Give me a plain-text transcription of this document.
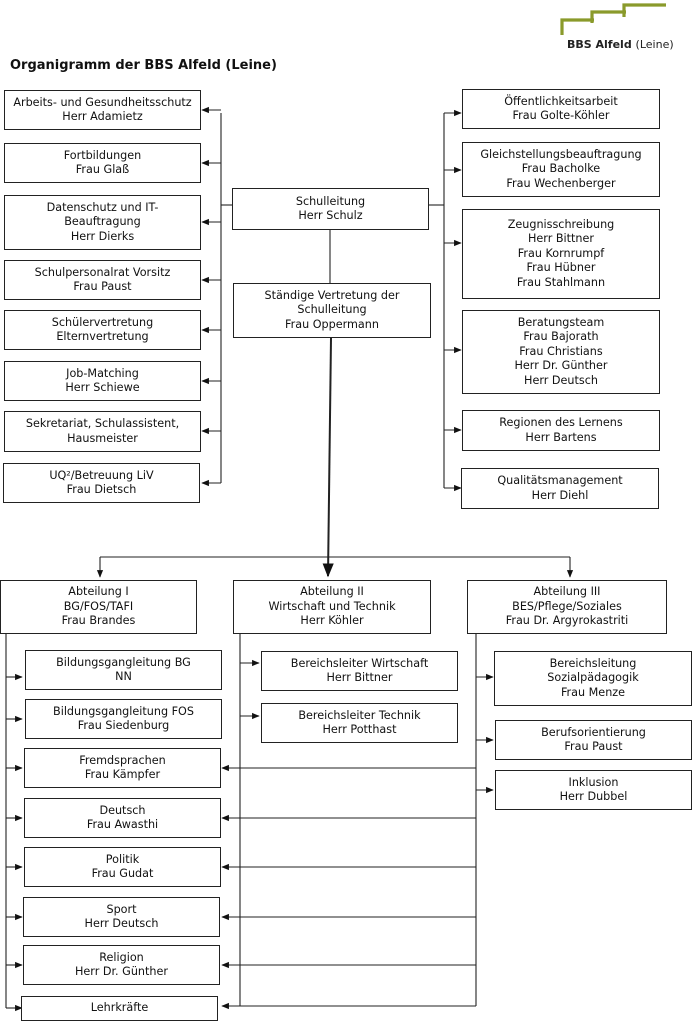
BBS Alfeld (Leine)
Organigramm der BBS Alfeld (Leine)
Schulleitung
Herr Schulz
Ständige Vertretung der
Schulleitung
Frau Oppermann
Arbeits- und Gesundheitsschutz
Herr Adamietz
Fortbildungen
Frau Glaß
Datenschutz und IT-
Beauftragung
Herr Dierks
Schulpersonalrat Vorsitz
Frau Paust
Schülervertretung
Elternvertretung
Job-Matching
Herr Schiewe
Sekretariat, Schulassistent,
Hausmeister
UQ²/Betreuung LiV
Frau Dietsch
Öffentlichkeitsarbeit
Frau Golte-Köhler
Gleichstellungsbeauftragung
Frau Bacholke
Frau Wechenberger
Zeugnisschreibung
Herr Bittner
Frau Kornrumpf
Frau Hübner
Frau Stahlmann
Beratungsteam
Frau Bajorath
Frau Christians
Herr Dr. Günther
Herr Deutsch
Regionen des Lernens
Herr Bartens
Qualitätsmanagement
Herr Diehl
Abteilung I
BG/FOS/TAFI
Frau Brandes
Abteilung II
Wirtschaft und Technik
Herr Köhler
Abteilung III
BES/Pflege/Soziales
Frau Dr. Argyrokastriti
Bildungsgangleitung BG
NN
Bildungsgangleitung FOS
Frau Siedenburg
Fremdsprachen
Frau Kämpfer
Deutsch
Frau Awasthi
Politik
Frau Gudat
Sport
Herr Deutsch
Religion
Herr Dr. Günther
Lehrkräfte
Bereichsleiter Wirtschaft
Herr Bittner
Bereichsleiter Technik
Herr Potthast
Bereichsleitung
Sozialpädagogik
Frau Menze
Berufsorientierung
Frau Paust
Inklusion
Herr Dubbel
